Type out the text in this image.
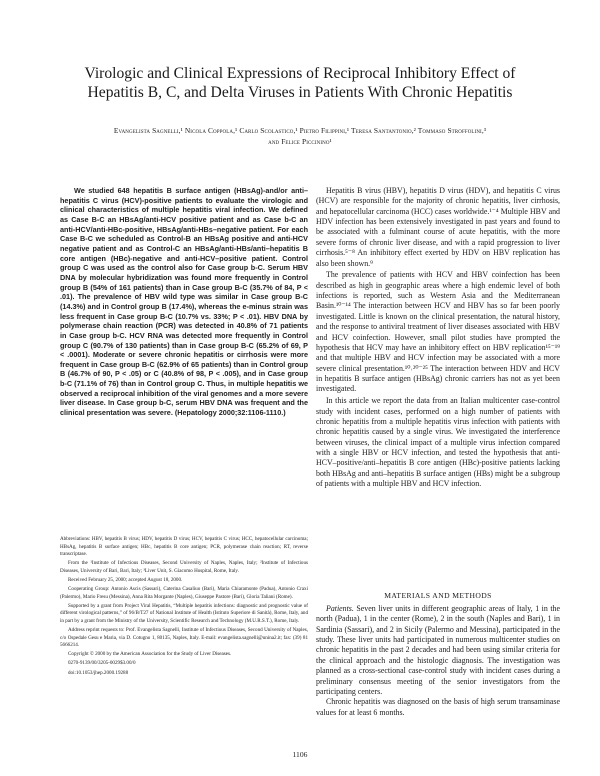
Virologic and Clinical Expressions of Reciprocal Inhibitory Effect of
Hepatitis B, C, and Delta Viruses in Patients With Chronic Hepatitis
Evangelista Sagnelli,¹ Nicola Coppola,¹ Carlo Scolastico,¹ Pietro Filippini,¹ Teresa Santantonio,² Tommaso Stroffolini,³
and Felice Piccinino¹

We studied 648 hepatitis B surface antigen (HBsAg)-and/or anti–hepatitis C virus (HCV)-positive patients to evaluate the virologic and clinical characteristics of multiple hepatitis viral infection. We defined as Case B-C an HBsAg/anti-HCV positive patient and as Case b-C an anti-HCV/anti-HBc-positive, HBsAg/anti-HBs–negative patient. For each Case B-C we scheduled as Control-B an HBsAg positive and anti-HCV negative patient and as Control-C an HBsAg/anti-HBs/anti–hepatitis B core antigen (HBc)-negative and anti-HCV–positive patient. Control group C was used as the control also for Case group b-C. Serum HBV DNA by molecular hybridization was found more frequently in Control group B (54% of 161 patients) than in Case group B-C (35.7% of 84, P < .01). The prevalence of HBV wild type was similar in Case group B-C (14.3%) and in Control group B (17.4%), whereas the e-minus strain was less frequent in Case group B-C (10.7% vs. 33%; P < .01). HBV DNA by polymerase chain reaction (PCR) was detected in 40.8% of 71 patients in Case group b-C. HCV RNA was detected more frequently in Control group C (90.7% of 130 patients) than in Case group B-C (65.2% of 69, P < .0001). Moderate or severe chronic hepatitis or cirrhosis were more frequent in Case group B-C (62.9% of 65 patients) than in Control group B (46.7% of 90, P < .05) or C (40.8% of 98, P < .005), and in Case group b-C (71.1% of 76) than in Control group C. Thus, in multiple hepatitis we observed a reciprocal inhibition of the viral genomes and a more severe liver disease. In Case group b-C, serum HBV DNA was frequent and the clinical presentation was severe. (Hepatology 2000;32:1106-1110.)

Abbreviations: HBV, hepatitis B virus; HDV, hepatitis D virus; HCV, hepatitis C virus; HCC, hepatocellular carcinoma; HBsAg, hepatitis B surface antigen; HBc, hepatitis B core antigen; PCR, polymerase chain reaction; RT, reverse transcriptase.

From the ¹Institute of Infectious Diseases, Second University of Naples, Naples, Italy; ²Institute of Infectious Diseases, University of Bari, Bari, Italy; ³Liver Unit, S. Giacomo Hospital, Rome, Italy.

Received February 25, 2000; accepted August 18, 2000.

Cooperating Group: Antonio Ascis (Sassari), Caterina Casaliuo (Bari), Maria Chiaramonte (Padua), Antonio Craxi (Palermo), Mario Fresu (Messina), Anna Rita Morgante (Naples), Giuseppe Pastore (Bari), Gloria Taliani (Rome).

Supported by a grant from Project Viral Hepatitis, “Multiple hepatitis infections: diagnostic and prognostic value of different virological patterns,” of 96/B/T27 of National Institute of Health (Istituto Superiore di Sanità), Rome, Italy, and in part by a grant from the Ministry of the University, Scientific Research and Technology (M.U.R.S.T.), Rome, Italy.

Address reprint requests to: Prof. Evangelista Sagnelli, Institute of Infectious Diseases, Second University of Naples, c/o Ospedale Gesu e Maria, via D. Cotugno 1, 80135, Naples, Italy. E-mail: evangelista.sagnelli@unina2.it; fax: (39) 81 5666214.

Copyright © 2000 by the American Association for the Study of Liver Diseases.

0270-9139/00/3205-0029$3.00/0

doi:10.1053/jhep.2000.19288

Hepatitis B virus (HBV), hepatitis D virus (HDV), and hepatitis C virus (HCV) are responsible for the majority of chronic hepatitis, liver cirrhosis, and hepatocellular carcinoma (HCC) cases worldwide.¹⁻⁴ Multiple HBV and HDV infection has been extensively investigated in past years and found to be associated with a fulminant course of acute hepatitis, with the more severe forms of chronic liver disease, and with a rapid progression to liver cirrhosis.⁵⁻⁸ An inhibitory effect exerted by HDV on HBV replication has also been shown.⁹

The prevalence of patients with HCV and HBV coinfection has been described as high in geographic areas where a high endemic level of both infections is reported, such as Western Asia and the Mediterranean Basin.¹⁰⁻¹⁴ The interaction between HCV and HBV has so far been poorly investigated. Little is known on the clinical presentation, the natural history, and the response to antiviral treatment of liver diseases associated with HBV and HCV coinfection. However, small pilot studies have prompted the hypothesis that HCV may have an inhibitory effect on HBV replication¹⁵⁻¹⁹ and that multiple HBV and HCV infection may be associated with a more severe clinical presentation.¹⁰˒²⁰⁻²⁵ The interaction between HDV and HCV in hepatitis B surface antigen (HBsAg) chronic carriers has not as yet been investigated.

In this article we report the data from an Italian multicenter case-control study with incident cases, performed on a high number of patients with chronic hepatitis from a multiple hepatitis virus infection with patients with chronic hepatitis caused by a single virus. We investigated the interference between viruses, the clinical impact of a multiple virus infection compared with a single HBV or HCV infection, and tested the hypothesis that anti-HCV–positive/anti–hepatitis B core antigen (HBc)-positive patients lacking both HBsAg and anti–hepatitis B surface antigen (HBs) might be a subgroup of patients with a multiple HBV and HCV infection.

MATERIALS AND METHODS

Patients. Seven liver units in different geographic areas of Italy, 1 in the north (Padua), 1 in the center (Rome), 2 in the south (Naples and Bari), 1 in Sardinia (Sassari), and 2 in Sicily (Palermo and Messina), participated in the study. These liver units had participated in numerous multicenter studies on chronic hepatitis in the past 2 decades and had been using similar criteria for the clinical approach and the histologic diagnosis. The investigation was planned as a cross-sectional case-control study with incident cases during a preliminary consensus meeting of the senior investigators from the participating centers.

Chronic hepatitis was diagnosed on the basis of high serum transaminase values for at least 6 months.

1106
